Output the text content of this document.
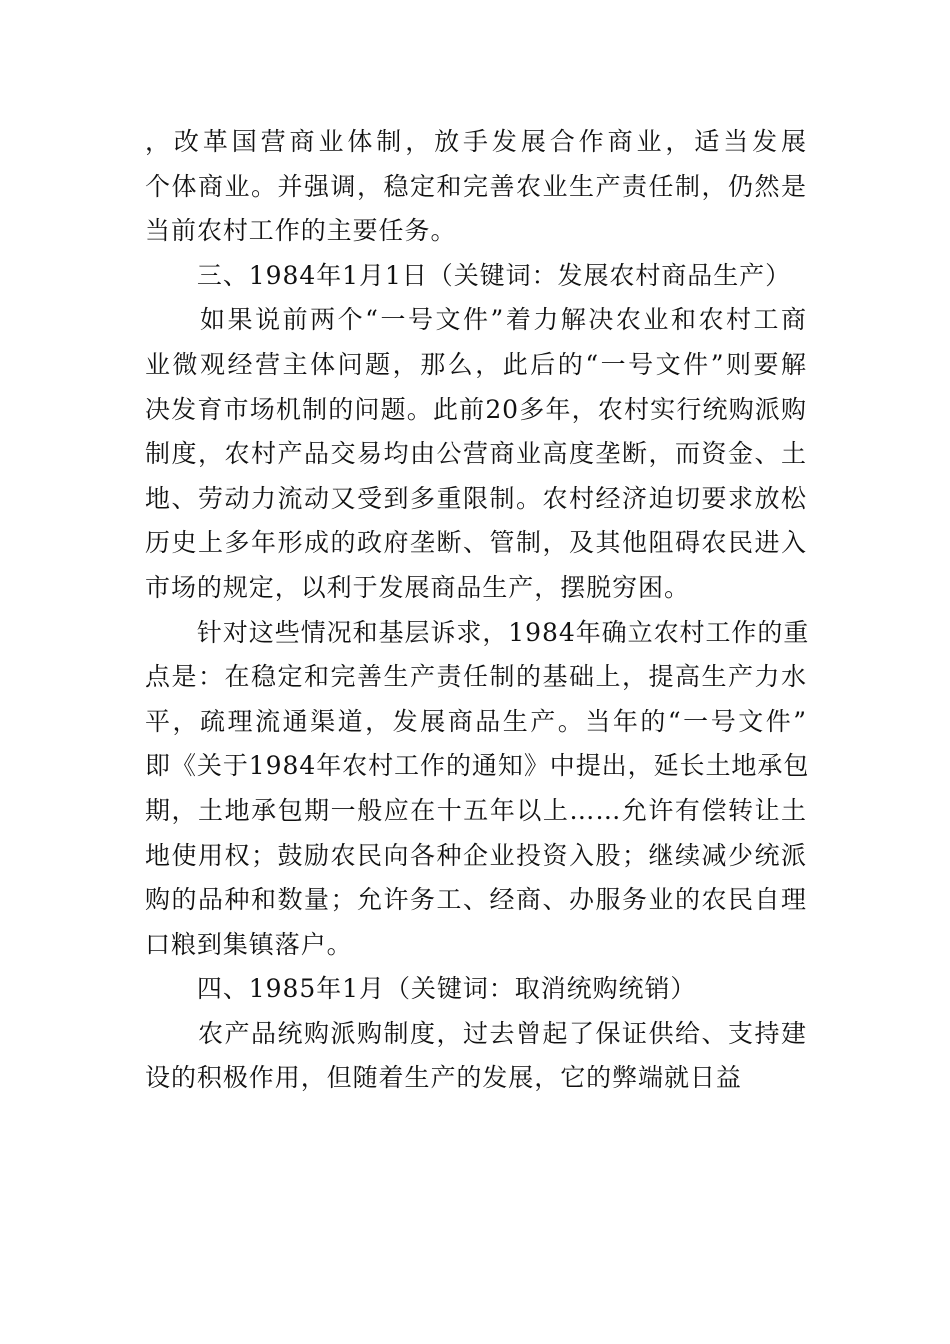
，改革国营商业体制，放手发展合作商业，适当发展
个体商业。并强调，稳定和完善农业生产责任制，仍然是
当前农村工作的主要任务。
　　三、1984年1月1日（关键词：发展农村商品生产）
　　如果说前两个“一号文件”着力解决农业和农村工商
业微观经营主体问题，那么，此后的“一号文件”则要解
决发育市场机制的问题。此前20多年，农村实行统购派购
制度，农村产品交易均由公营商业高度垄断，而资金、土
地、劳动力流动又受到多重限制。农村经济迫切要求放松
历史上多年形成的政府垄断、管制，及其他阻碍农民进入
市场的规定，以利于发展商品生产，摆脱穷困。
　　针对这些情况和基层诉求，1984年确立农村工作的重
点是：在稳定和完善生产责任制的基础上，提高生产力水
平，疏理流通渠道，发展商品生产。当年的“一号文件”
即《关于1984年农村工作的通知》中提出，延长土地承包
期，土地承包期一般应在十五年以上……允许有偿转让土
地使用权；鼓励农民向各种企业投资入股；继续减少统派
购的品种和数量；允许务工、经商、办服务业的农民自理
口粮到集镇落户。
　　四、1985年1月（关键词：取消统购统销）
　　农产品统购派购制度，过去曾起了保证供给、支持建
设的积极作用，但随着生产的发展，它的弊端就日益
